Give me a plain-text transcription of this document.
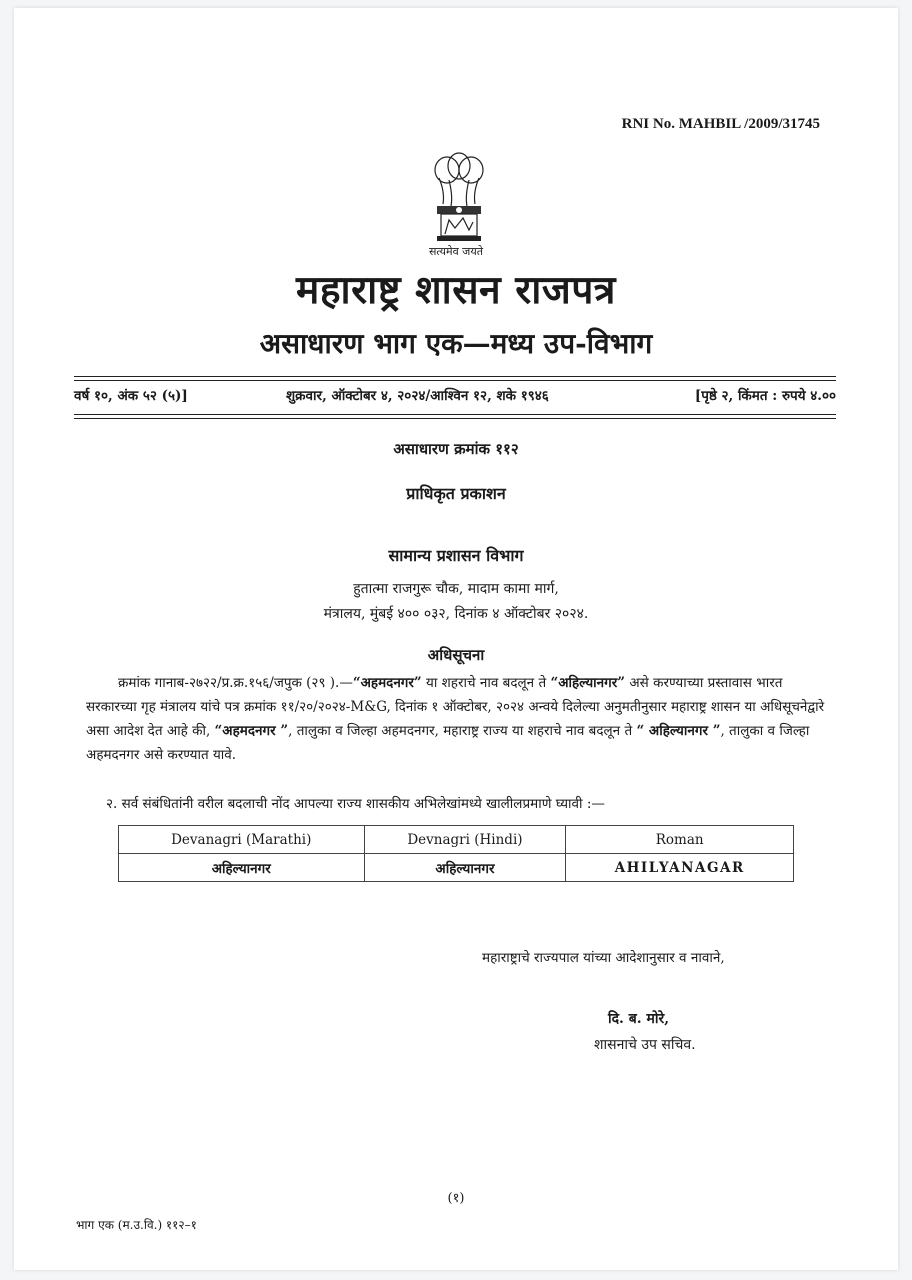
RNI No. MAHBIL /2009/31745
सत्यमेव जयते
महाराष्ट्र शासन राजपत्र
असाधारण भाग एक—मध्य उप-विभाग
वर्ष १०, अंक ५२ (५)]	शुक्रवार, ऑक्टोबर ४, २०२४/आश्विन १२, शके १९४६	[पृष्ठे २, किंमत : रुपये ४.००
असाधारण क्रमांक ११२
प्राधिकृत प्रकाशन
सामान्य प्रशासन विभाग
हुतात्मा राजगुरू चौक, मादाम कामा मार्ग,
मंत्रालय, मुंबई ४०० ०३२, दिनांक ४ ऑक्टोबर २०२४.
अधिसूचना
क्रमांक गानाब-२७२२/प्र.क्र.१५६/जपुक (२९ ).—“अहमदनगर” या शहराचे नाव बदलून ते “अहिल्यानगर” असे करण्याच्या प्रस्तावास भारत सरकारच्या गृह मंत्रालय यांचे पत्र क्रमांक ११/२०/२०२४-M&G, दिनांक १ ऑक्टोबर, २०२४ अन्वये दिलेल्या अनुमतीनुसार महाराष्ट्र शासन या अधिसूचनेद्वारे असा आदेश देत आहे की, “अहमदनगर ”, तालुका व जिल्हा अहमदनगर, महाराष्ट्र राज्य या शहराचे नाव बदलून ते “ अहिल्यानगर ”, तालुका व जिल्हा अहमदनगर असे करण्यात यावे.
२. सर्व संबंधितांनी वरील बदलाची नोंद आपल्या राज्य शासकीय अभिलेखांमध्ये खालीलप्रमाणे घ्यावी :—
Devanagri (Marathi)	Devnagri (Hindi)	Roman
अहिल्यानगर	अहिल्यानगर	AHILYANAGAR
महाराष्ट्राचे राज्यपाल यांच्या आदेशानुसार व नावाने,
दि. ब. मोरे,
शासनाचे उप सचिव.
(१)
भाग एक (म.उ.वि.) ११२–१
